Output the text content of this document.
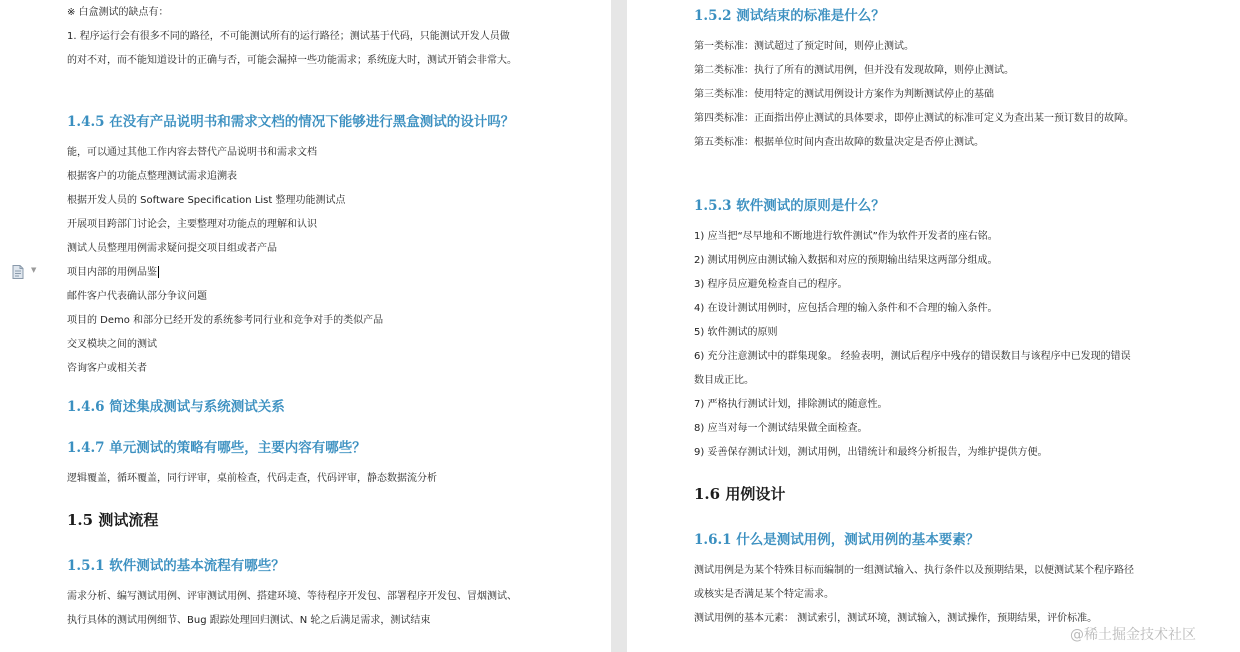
※ 白盒测试的缺点有：
1. 程序运行会有很多不同的路径，不可能测试所有的运行路径；测试基于代码，只能测试开发人员做
的对不对，而不能知道设计的正确与否，可能会漏掉一些功能需求；系统庞大时，测试开销会非常大。
1.4.5 在没有产品说明书和需求文档的情况下能够进行黑盒测试的设计吗？
能，可以通过其他工作内容去替代产品说明书和需求文档
根据客户的功能点整理测试需求追溯表
根据开发人员的 Software Specification List 整理功能测试点
开展项目跨部门讨论会，主要整理对功能点的理解和认识
测试人员整理用例需求疑问提交项目组或者产品
项目内部的用例品鉴
邮件客户代表确认部分争议问题
项目的 Demo 和部分已经开发的系统参考同行业和竞争对手的类似产品
交叉模块之间的测试
咨询客户或相关者
1.4.6 简述集成测试与系统测试关系
1.4.7 单元测试的策略有哪些，主要内容有哪些？
逻辑覆盖，循环覆盖，同行评审，桌前检查，代码走查，代码评审，静态数据流分析
1.5 测试流程
1.5.1 软件测试的基本流程有哪些？
需求分析、编写测试用例、评审测试用例、搭建环境、等待程序开发包、部署程序开发包、冒烟测试、
执行具体的测试用例细节、Bug 跟踪处理回归测试、N 轮之后满足需求，测试结束
▼
1.5.2 测试结束的标准是什么？
第一类标准：测试超过了预定时间，则停止测试。
第二类标准：执行了所有的测试用例，但并没有发现故障，则停止测试。
第三类标准：使用特定的测试用例设计方案作为判断测试停止的基础
第四类标准：正面指出停止测试的具体要求，即停止测试的标准可定义为查出某一预订数目的故障。
第五类标准：根据单位时间内查出故障的数量决定是否停止测试。
1.5.3 软件测试的原则是什么？
1) 应当把“尽早地和不断地进行软件测试”作为软件开发者的座右铭。
2) 测试用例应由测试输入数据和对应的预期输出结果这两部分组成。
3) 程序员应避免检查自己的程序。
4) 在设计测试用例时，应包括合理的输入条件和不合理的输入条件。
5) 软件测试的原则
6) 充分注意测试中的群集现象。 经验表明，测试后程序中残存的错误数目与该程序中已发现的错误
数目成正比。
7) 严格执行测试计划，排除测试的随意性。
8) 应当对每一个测试结果做全面检查。
9) 妥善保存测试计划，测试用例，出错统计和最终分析报告，为维护提供方便。
1.6 用例设计
1.6.1 什么是测试用例，测试用例的基本要素？
测试用例是为某个特殊目标而编制的一组测试输入、执行条件以及预期结果，以便测试某个程序路径
或核实是否满足某个特定需求。
测试用例的基本元素： 测试索引，测试环境，测试输入，测试操作，预期结果，评价标准。
@稀土掘金技术社区
